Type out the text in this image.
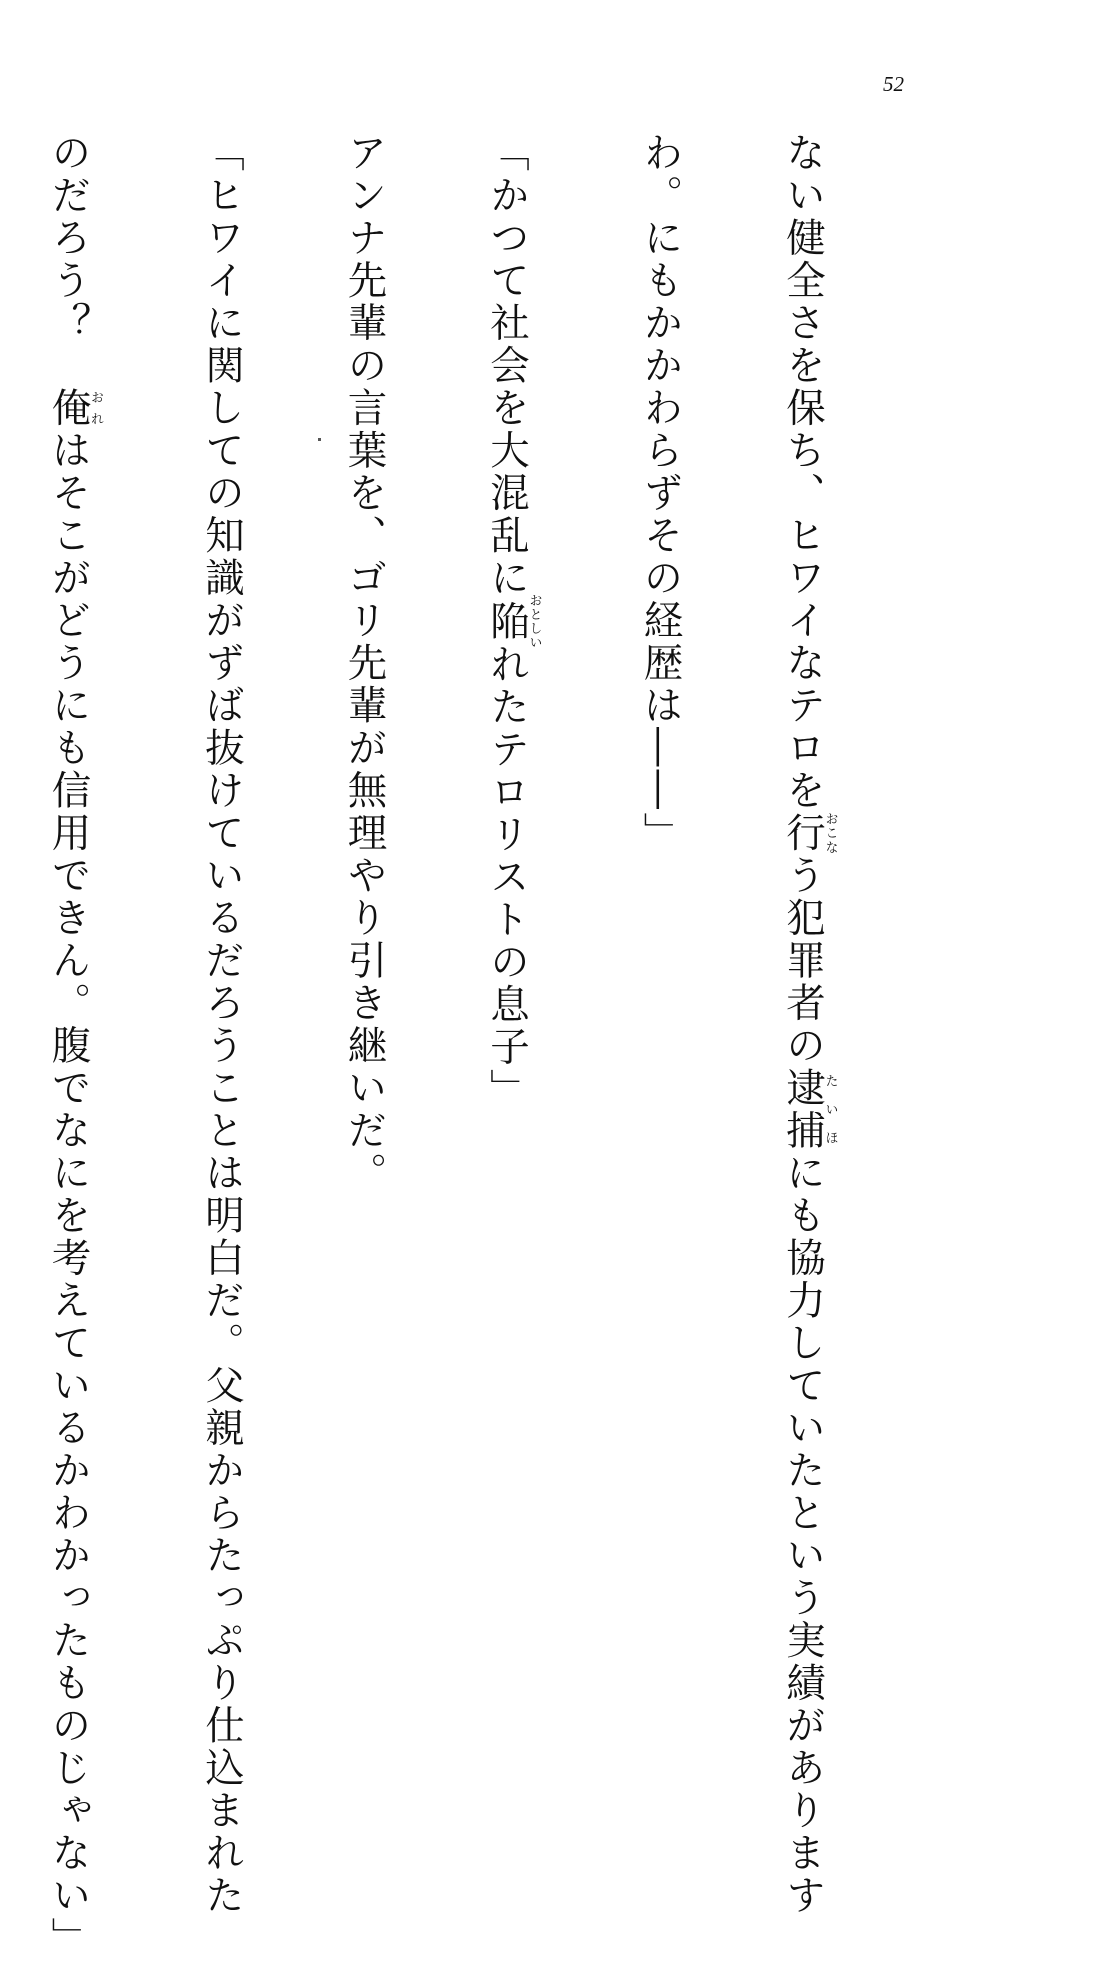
52

ない健全さを保ち、ヒワイなテロを行おこなう犯罪者の逮捕たいほにも協力していたという実績があります

わ。にもかかわらずその経歴は――」

「かつて社会を大混乱に陥おとしいれたテロリストの息子」

アンナ先輩の言葉を、ゴリ先輩が無理やり引き継いだ。

「ヒワイに関しての知識がずば抜けているだろうことは明白だ。父親からたっぷり仕込まれた

のだろう？　俺おれはそこがどうにも信用できん。腹でなにを考えているかわかったものじゃない」
